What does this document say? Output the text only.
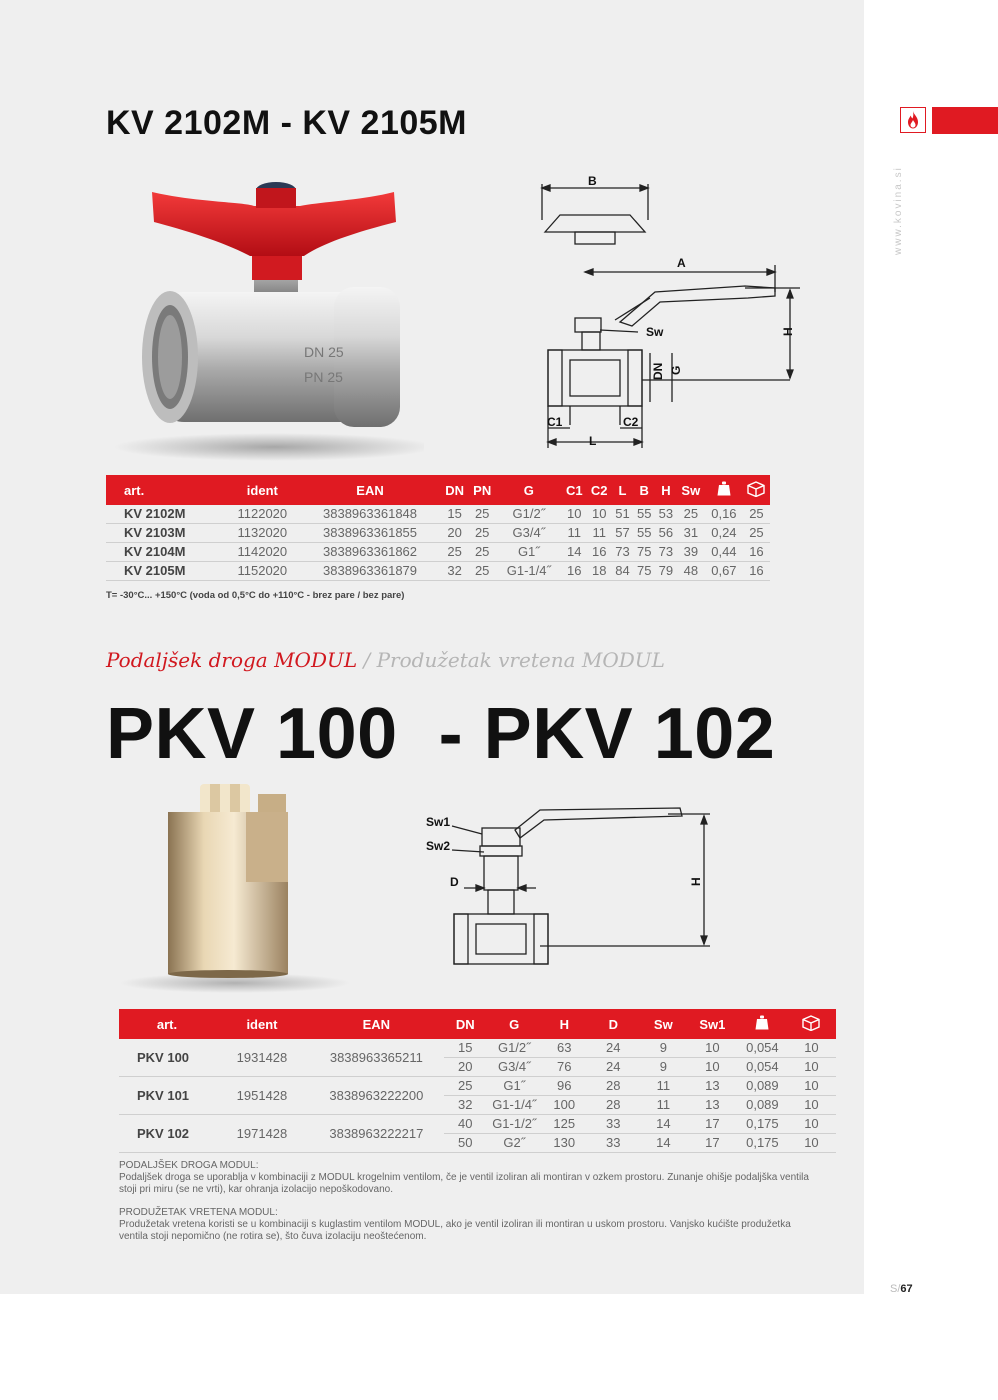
S/67
KV 2102M - KV 2105M
DN 25
PN 25
B
A
Sw	H
DN G
C1	C2
L
art.	ident	EAN	DN	PN	G	C1	C2	L	B	H	Sw		
KV 2102M	1122020	3838963361848	15	25	G1/2˝	10	10	51	55	53	25	0,16	25
KV 2103M	1132020	3838963361855	20	25	G3/4˝	11	11	57	55	56	31	0,24	25
KV 2104M	1142020	3838963361862	25	25	G1˝	14	16	73	75	73	39	0,44	16
KV 2105M	1152020	3838963361879	32	25	G1-1/4˝	16	18	84	75	79	48	0,67	16
T= -30°C... +150°C (voda od 0,5°C do +110°C - brez pare / bez pare)
Podaljšek droga MODUL / Produžetak vretena MODUL
PKV 100  - PKV 102
Sw1
Sw2
D	H
art.	ident	EAN	DN	G	H	D	Sw	Sw1		
PKV 100	1931428	3838963365211	15	G1/2˝	63	24	9	10	0,054	10
			20	G3/4˝	76	24	9	10	0,054	10
PKV 101	1951428	3838963222200	25	G1˝	96	28	11	13	0,089	10
			32	G1-1/4˝	100	28	11	13	0,089	10
PKV 102	1971428	3838963222217	40	G1-1/2˝	125	33	14	17	0,175	10
			50	G2˝	130	33	14	17	0,175	10

PODALJŠEK DROGA MODUL:

Podaljšek droga se uporablja v kombinaciji z MODUL krogelnim ventilom, če je ventil izoliran ali montiran v ozkem prostoru. Zunanje ohišje podaljška ventila stoji pri miru (se ne vrti), kar ohranja izolacijo nepoškodovano.

PRODUŽETAK VRETENA MODUL:

Produžetak vretena koristi se u kombinaciji s kuglastim ventilom MODUL, ako je ventil izoliran ili montiran u uskom prostoru. Vanjsko kućište produžetka ventila stoji nepomično (ne rotira se), što čuva izolaciju neoštećenom.
